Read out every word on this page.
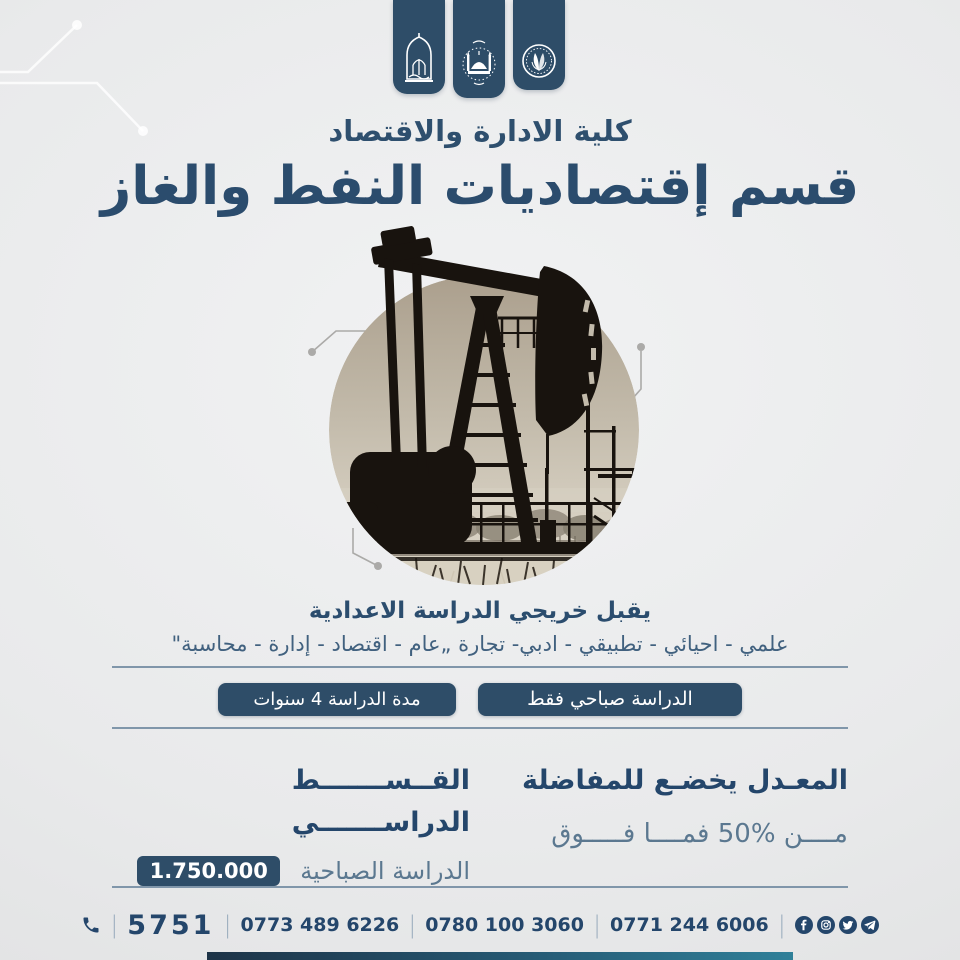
كلية الادارة والاقتصاد
قسم إقتصاديات النفط والغاز
يقبل خريجي الدراسة الاعدادية
علمي - احيائي - تطبيقي - ادبي- تجارة „عام - اقتصاد - إدارة - محاسبة"
مدة الدراسة 4 سنوات	الدراسة صباحي فقط
القــســـــــط الدراســـــــي
الدراسة الصباحية
1.750.000
المعـدل يخضـع للمفاضلة
مــــن %50 فمــــا فـــــوق
| 5751 | 0773 489 6226 | 0780 100 3060 | 0771 244 6006 |
